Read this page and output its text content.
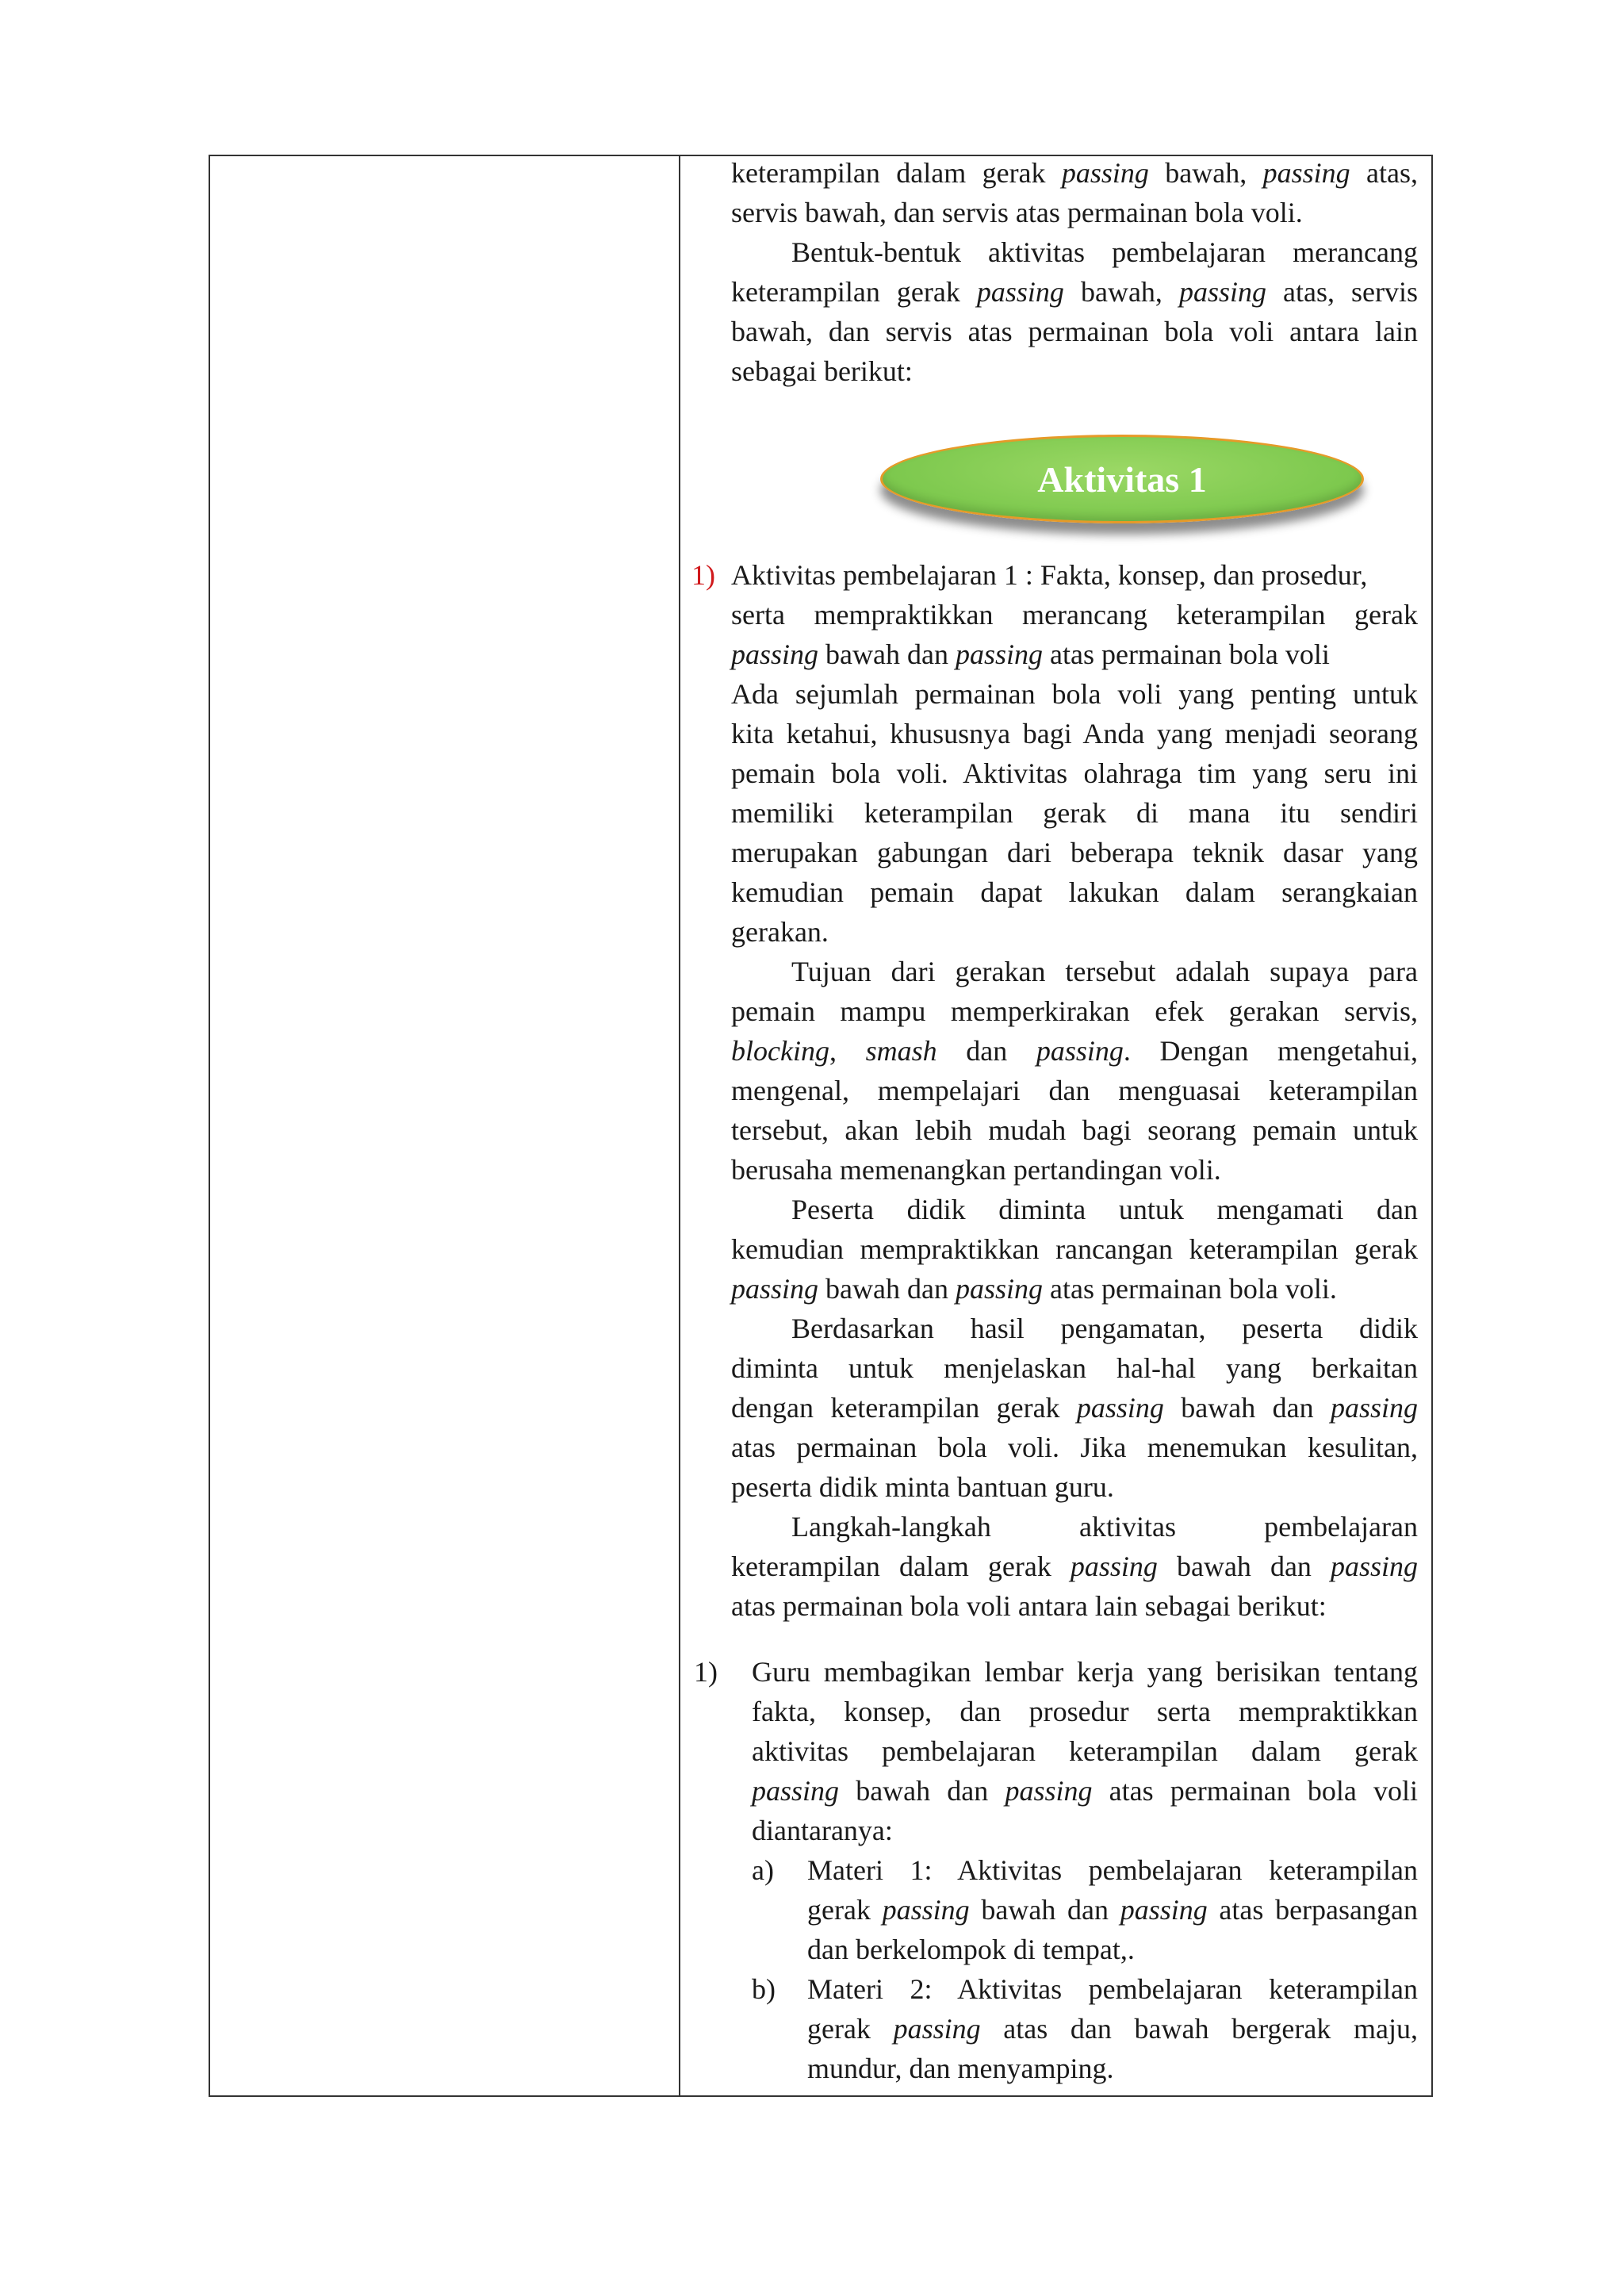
Aktivitas 1
keterampilan dalam gerak passing bawah, passing atas,
servis bawah, dan servis atas permainan bola voli.
Bentuk-bentuk aktivitas pembelajaran merancang
keterampilan gerak passing bawah, passing atas, servis
bawah, dan servis atas permainan bola voli antara lain
sebagai berikut:
1) Aktivitas pembelajaran 1 : Fakta, konsep, dan prosedur,
serta mempraktikkan merancang keterampilan gerak
passing bawah dan passing atas permainan bola voli
Ada sejumlah permainan bola voli yang penting untuk
kita ketahui, khususnya bagi Anda yang menjadi seorang
pemain bola voli. Aktivitas olahraga tim yang seru ini
memiliki keterampilan gerak di mana itu sendiri
merupakan gabungan dari beberapa teknik dasar yang
kemudian pemain dapat lakukan dalam serangkaian
gerakan.
Tujuan dari gerakan tersebut adalah supaya para
pemain mampu memperkirakan efek gerakan servis,
blocking, smash dan passing. Dengan mengetahui,
mengenal, mempelajari dan menguasai keterampilan
tersebut, akan lebih mudah bagi seorang pemain untuk
berusaha memenangkan pertandingan voli.
Peserta didik diminta untuk mengamati dan
kemudian mempraktikkan rancangan keterampilan gerak
passing bawah dan passing atas permainan bola voli.
Berdasarkan hasil pengamatan, peserta didik
diminta untuk menjelaskan hal-hal yang berkaitan
dengan keterampilan gerak passing bawah dan passing
atas permainan bola voli. Jika menemukan kesulitan,
peserta didik minta bantuan guru.
Langkah-langkah aktivitas pembelajaran
keterampilan dalam gerak passing bawah dan passing
atas permainan bola voli antara lain sebagai berikut:
1) Guru membagikan lembar kerja yang berisikan tentang
fakta, konsep, dan prosedur serta mempraktikkan
aktivitas pembelajaran keterampilan dalam gerak
passing bawah dan passing atas permainan bola voli
diantaranya:
a) Materi 1: Aktivitas pembelajaran keterampilan
gerak passing bawah dan passing atas berpasangan
dan berkelompok di tempat,.
b) Materi 2: Aktivitas pembelajaran keterampilan
gerak passing atas dan bawah bergerak maju,
mundur, dan menyamping.
